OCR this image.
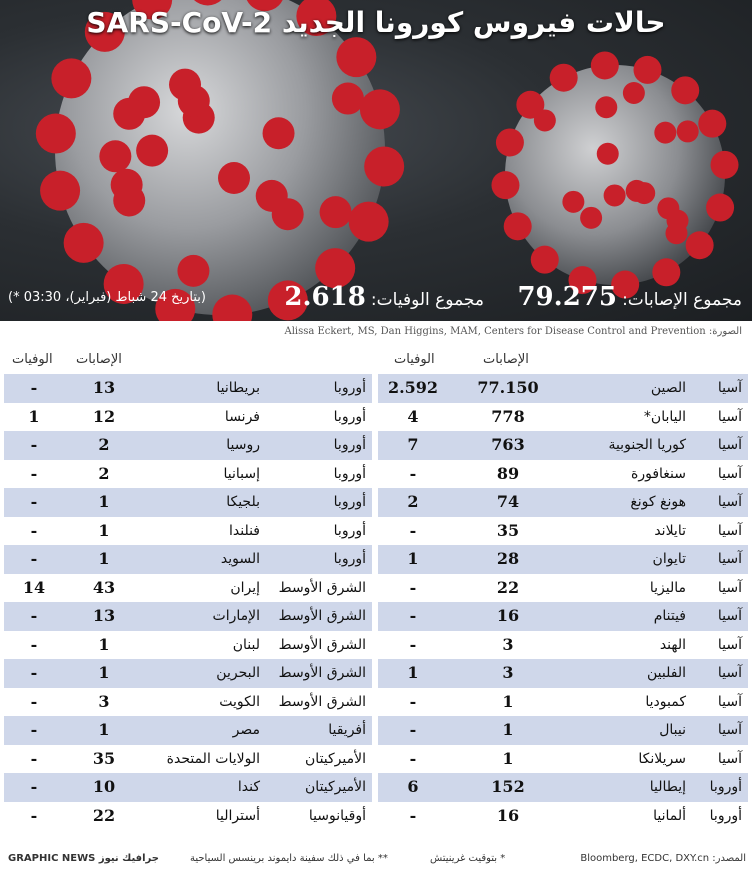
حالات فيروس كورونا الجديد SARS-CoV-2
مجموع الإصابات: 79.275
مجموع الوفيات: 2.618
(بتاريخ 24 شباط (فبراير)، 03:30 *)
الصورة: Alissa Eckert, MS, Dan Higgins, MAM, Centers for Disease Control and Prevention
الإصابات
الوفيات
آسيا
الصين
77.150
2.592
آسيا
اليابان*
778
4
آسيا
كوريا الجنوبية
763
7
آسيا
سنغافورة
89
-
آسيا
هونغ كونغ
74
2
آسيا
تايلاند
35
-
آسيا
تايوان
28
1
آسيا
ماليزيا
22
-
آسيا
فيتنام
16
-
آسيا
الهند
3
-
آسيا
الفلبين
3
1
آسيا
كمبوديا
1
-
آسيا
نيبال
1
-
آسيا
سريلانكا
1
-
أوروبا
إيطاليا
152
6
أوروبا
ألمانيا
16
-
الإصابات
الوفيات
أوروبا
بريطانيا
13
-
أوروبا
فرنسا
12
1
أوروبا
روسيا
2
-
أوروبا
إسبانيا
2
-
أوروبا
بلجيكا
1
-
أوروبا
فنلندا
1
-
أوروبا
السويد
1
-
الشرق الأوسط
إيران
43
14
الشرق الأوسط
الإمارات
13
-
الشرق الأوسط
لبنان
1
-
الشرق الأوسط
البحرين
1
-
الشرق الأوسط
الكويت
3
-
أفريقيا
مصر
1
-
الأميركيتان
الولايات المتحدة
35
-
الأميركيتان
كندا
10
-
أوقيانوسيا
أستراليا
22
-
المصدر: Bloomberg, ECDC, DXY.cn
* بتوقيت غرينيتش
** بما في ذلك سفينة دايموند برينسس السياحية
GRAPHIC NEWS جرافيك نيوز
